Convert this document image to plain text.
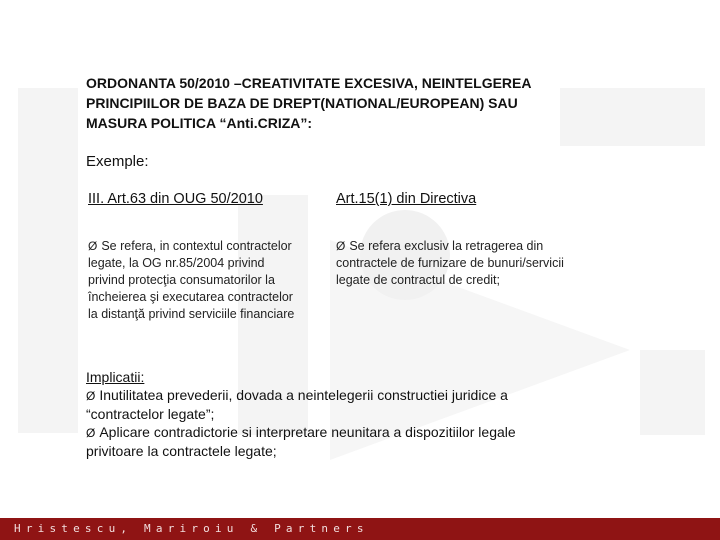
ORDONANTA 50/2010 –CREATIVITATE EXCESIVA, NEINTELGEREA
PRINCIPIILOR DE BAZA DE DREPT(NATIONAL/EUROPEAN) SAU
MASURA POLITICA “Anti.CRIZA”:
Exemple:
III. Art.63 din OUG 50/2010	Art.15(1) din Directiva
Ø Se refera, in contextul contractelor
legate, la OG nr.85/2004 privind
privind protecţia consumatorilor la
încheierea şi executarea contractelor
la distanţă privind serviciile financiare
Ø Se refera exclusiv la retragerea din
contractele de furnizare de bunuri/servicii
legate de contractul de credit;
Implicatii:
Ø Inutilitatea prevederii, dovada a neintelegerii constructiei juridice a
“contractelor legate”;
Ø Aplicare contradictorie si interpretare neunitara a dispozitiilor legale
privitoare la contractele legate;
Hristescu, Mariroiu & Partners
